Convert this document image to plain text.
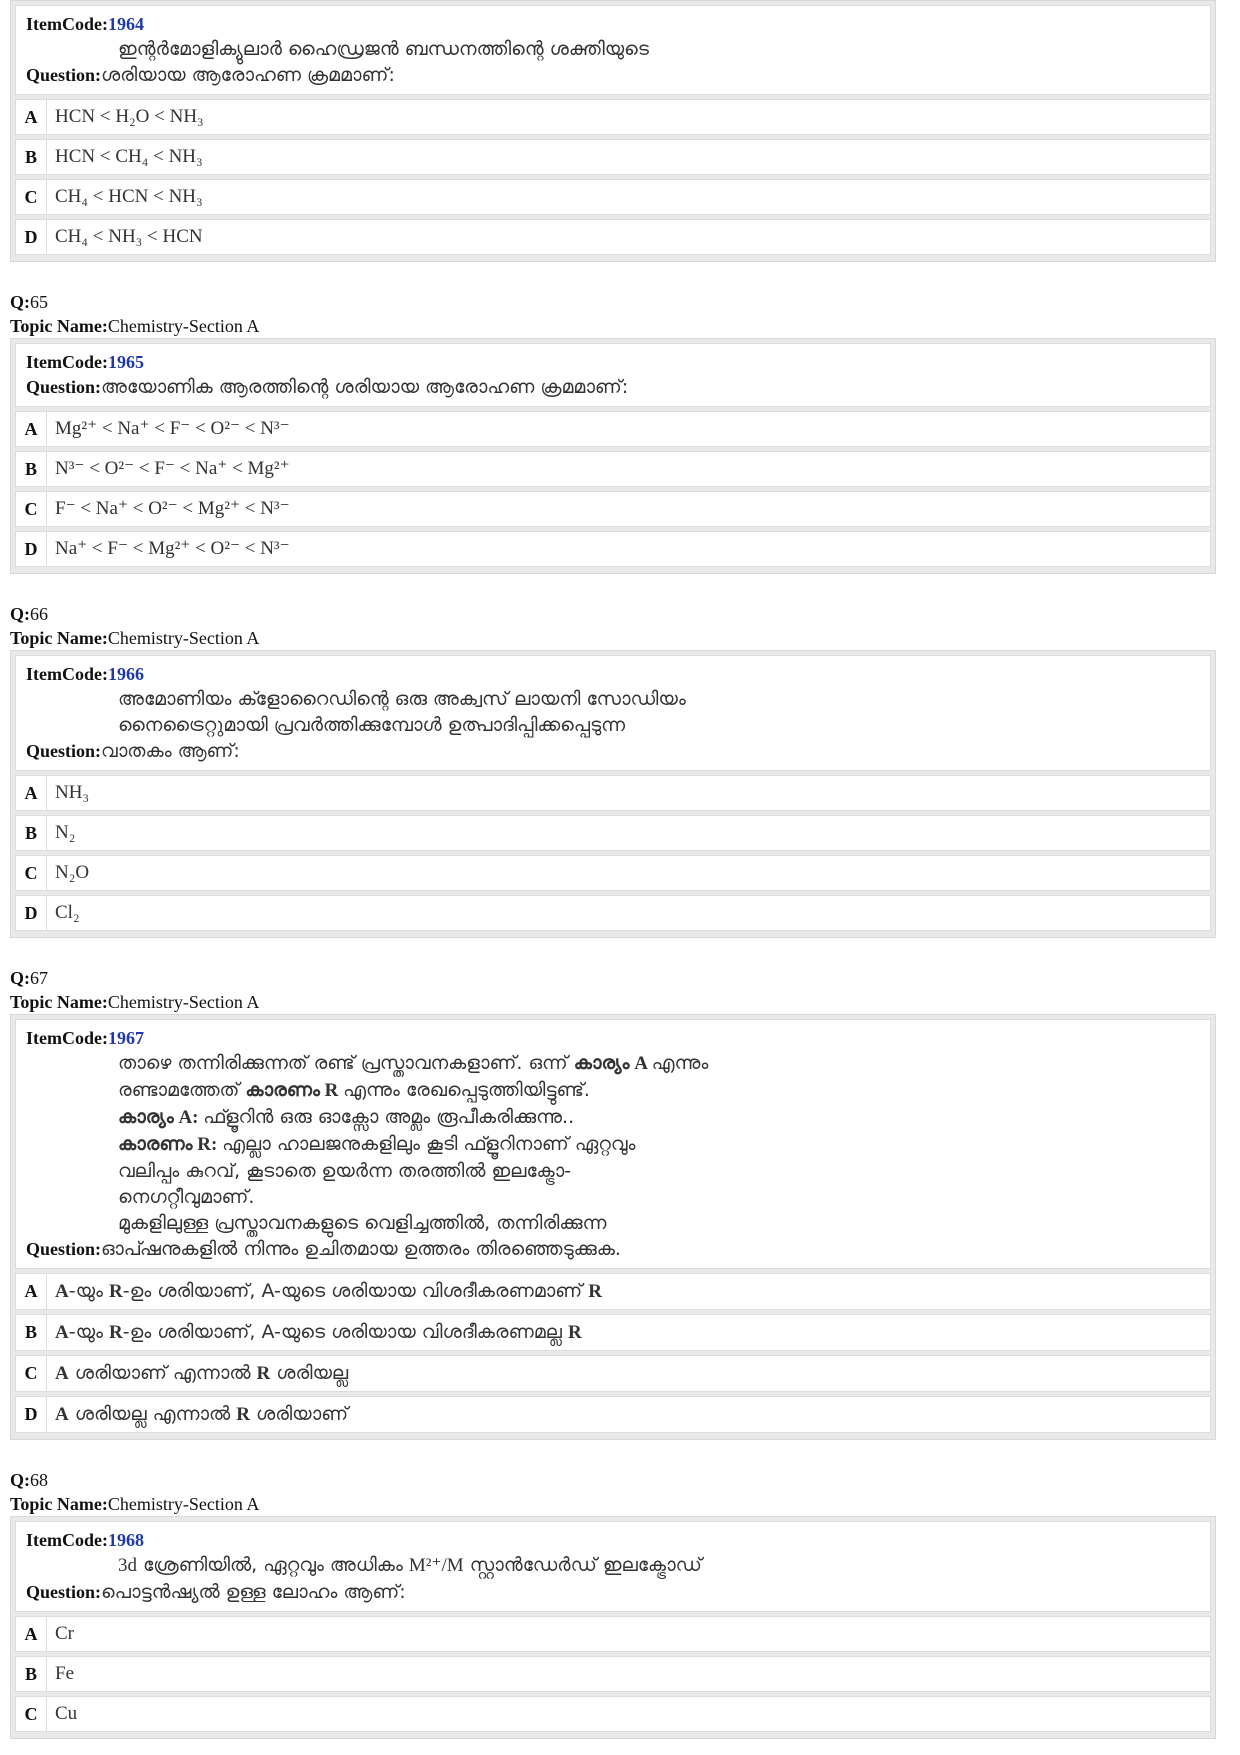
ItemCode:1964
ഇന്റർമോളിക്യുലാർ ഹൈഡ്രജൻ ബന്ധനത്തിന്റെ ശക്തിയുടെ
Question: ശരിയായ ആരോഹണ ക്രമമാണ്:
A HCN < H₂O < NH₃
B HCN < CH₄ < NH₃
C CH₄ < HCN < NH₃
D CH₄ < NH₃ < HCN
Q:65
Topic Name:Chemistry-Section A
ItemCode:1965
Question: അയോണിക ആരത്തിന്റെ ശരിയായ ആരോഹണ ക്രമമാണ്:
A Mg²⁺ < Na⁺ < F⁻ < O²⁻ < N³⁻
B N³⁻ < O²⁻ < F⁻ < Na⁺ < Mg²⁺
C F⁻ < Na⁺ < O²⁻ < Mg²⁺ < N³⁻
D Na⁺ < F⁻ < Mg²⁺ < O²⁻ < N³⁻
Q:66
Topic Name:Chemistry-Section A
ItemCode:1966
അമോണിയം ക്ളോറൈഡിന്റെ ഒരു അക്വസ് ലായനി സോഡിയം
നൈട്രൈറ്റുമായി പ്രവർത്തിക്കുമ്പോൾ ഉത്പാദിപ്പിക്കപ്പെടുന്ന
Question: വാതകം ആണ്:
A NH₃
B N₂
C N₂O
D Cl₂
Q:67
Topic Name:Chemistry-Section A
ItemCode:1967
താഴെ തന്നിരിക്കുന്നത് രണ്ട് പ്രസ്താവനകളാണ്. ഒന്ന് കാര്യം A എന്നും
രണ്ടാമത്തേത് കാരണം R എന്നും രേഖപ്പെടുത്തിയിട്ടുണ്ട്.
കാര്യം A: ഫ്ളൂറിൻ ഒരു ഓക്സോ അമ്ലം രൂപീകരിക്കുന്നു..
കാരണം R: എല്ലാ ഹാലജനുകളിലും കൂടി ഫ്ളൂറിനാണ് ഏറ്റവും
വലിപ്പം കുറവ്, കൂടാതെ ഉയർന്ന തരത്തിൽ ഇലക്ട്രോ-
നെഗറ്റീവുമാണ്.
മുകളിലുള്ള പ്രസ്താവനകളുടെ വെളിച്ചത്തിൽ, തന്നിരിക്കുന്ന
Question: ഓപ്ഷനുകളിൽ നിന്നും ഉചിതമായ ഉത്തരം തിരഞ്ഞെടുക്കുക.
A A-യും R-ഉം ശരിയാണ്, A-യുടെ ശരിയായ വിശദീകരണമാണ് R
B A-യും R-ഉം ശരിയാണ്, A-യുടെ ശരിയായ വിശദീകരണമല്ല R
C A ശരിയാണ് എന്നാൽ R ശരിയല്ല
D A ശരിയല്ല എന്നാൽ R ശരിയാണ്
Q:68
Topic Name:Chemistry-Section A
ItemCode:1968
3d ശ്രേണിയിൽ, ഏറ്റവും അധികം M²⁺/M സ്റ്റാൻഡേർഡ് ഇലക്ട്രോഡ്
Question: പൊട്ടൻഷ്യൽ ഉള്ള ലോഹം ആണ്:
A Cr
B Fe
C Cu
